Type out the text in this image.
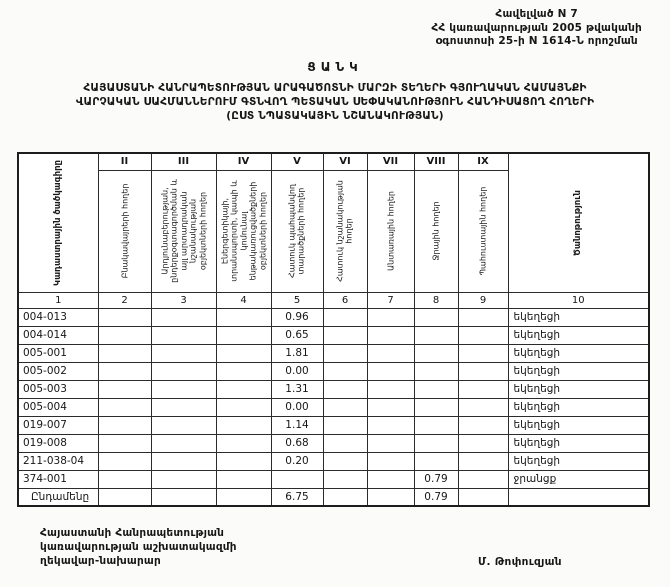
Հավելված N 7
ՀՀ կառավարության 2005 թվականի
օգոստոսի 25-ի N 1614-Ն որոշման
ՑԱՆԿ
ՀԱՅԱՍՏԱՆԻ ՀԱՆՐԱՊԵՏՈՒԹՅԱՆ ԱՐԱԳԱԾՈՏՆԻ ՄԱՐԶԻ ՏԵՂԵՐԻ ԳՅՈՒՂԱԿԱՆ ՀԱՄԱՅՆՔԻ
ՎԱՐՉԱԿԱՆ ՍԱՀՄԱՆՆԵՐՈՒՄ ԳՏՆՎՈՂ ՊԵՏԱԿԱՆ ՍԵՓԱԿԱՆՈՒԹՅՈՒՆ ՀԱՆԴԻՍԱՑՈՂ ՀՈՂԵՐԻ
(ԸՍՏ ՆՊԱՏԱԿԱՅԻՆ ՆՇԱՆԱԿՈՒԹՅԱՆ)
Կադաստրային ծածկագիրը	II	III	IV	V	VI	VII	VIII	IX	Ծանոթություն

	Բնակավայրերի հողեր	Արդյունաբերության, ընդերքօգտագործման և այլ արտադրական նշանակության օբյեկտների հողեր	Էներգետիկայի, տրանսպորտի, կապի և կոմունալ ենթակառուցվածքների օբյեկտների հողեր	Հատուկ պահպանվող տարածքների հողեր	Հատուկ նշանակության հողեր	Անտառային հողեր	Ջրային հողեր	Պահուստային հողեր	

1	2	3	4	5	6	7	8	9	10
004-013				0.96					եկեղեցի
004-014				0.65					եկեղեցի
005-001				1.81					եկեղեցի
005-002				0.00					եկեղեցի
005-003				1.31					եկեղեցի
005-004				0.00					եկեղեցի
019-007				1.14					եկեղեցի
019-008				0.68					եկեղեցի
211-038-04				0.20					եկեղեցի
374-001							0.79		ջրանցք
Ընդամենը				6.75			0.79		
Հայաստանի Հանրապետության
կառավարության աշխատակազմի
ղեկավար-նախարար	Մ. Թոփուզյան
